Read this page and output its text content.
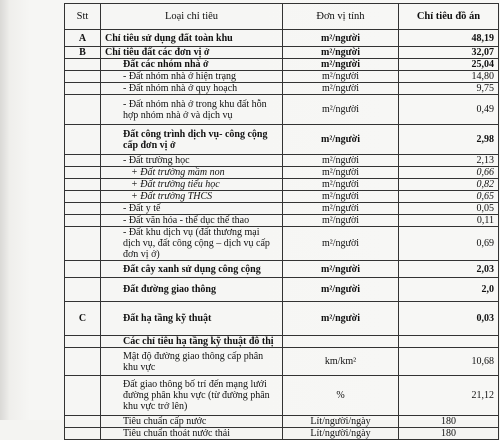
Stt	Loại chỉ tiêu	Đơn vị tính	Chỉ tiêu đồ án
A	Chỉ tiêu sử dụng đất toàn khu	m²/người	48,19
B	Chỉ tiêu đất các đơn vị ở	m²/người	32,07
	Đất các nhóm nhà ở	m²/người	25,04
	- Đất nhóm nhà ở hiện trạng	m²/người	14,80
	- Đất nhóm nhà ở quy hoạch	m²/người	9,75
	- Đất nhóm nhà ở trong khu đất hỗn hợp nhóm nhà ở và dịch vụ	m²/người	0,49
	Đất công trình dịch vụ- công cộng cấp đơn vị ở	m²/người	2,98
	- Đất trường học	m²/người	2,13
	+ Đất trường mầm non	m²/người	0,66
	+ Đất trường tiểu học	m²/người	0,82
	+ Đất trường THCS	m²/người	0,65
	- Đất y tế	m²/người	0,05
	- Đất văn hóa - thể dục thể thao	m²/người	0,11
	- Đất khu dịch vụ (đất thương mại dịch vụ, đất công cộng – dịch vụ cấp đơn vị ở)	m²/người	0,69
	Đất cây xanh sử dụng công cộng	m²/người	2,03
	Đất đường giao thông	m²/người	2,0
C	Đất hạ tầng kỹ thuật	m²/người	0,03
	Các chỉ tiêu hạ tầng kỹ thuật đô thị		
	Mật độ đường giao thông cấp phân khu vực	km/km²	10,68
	Đất giao thông bố trí đến mạng lưới đường phân khu vực (từ đường phân khu vực trở lên)	%	21,12
	Tiêu chuẩn cấp nước	Lít/người/ngày	180
	Tiêu chuẩn thoát nước thải	Lít/người/ngày	180
